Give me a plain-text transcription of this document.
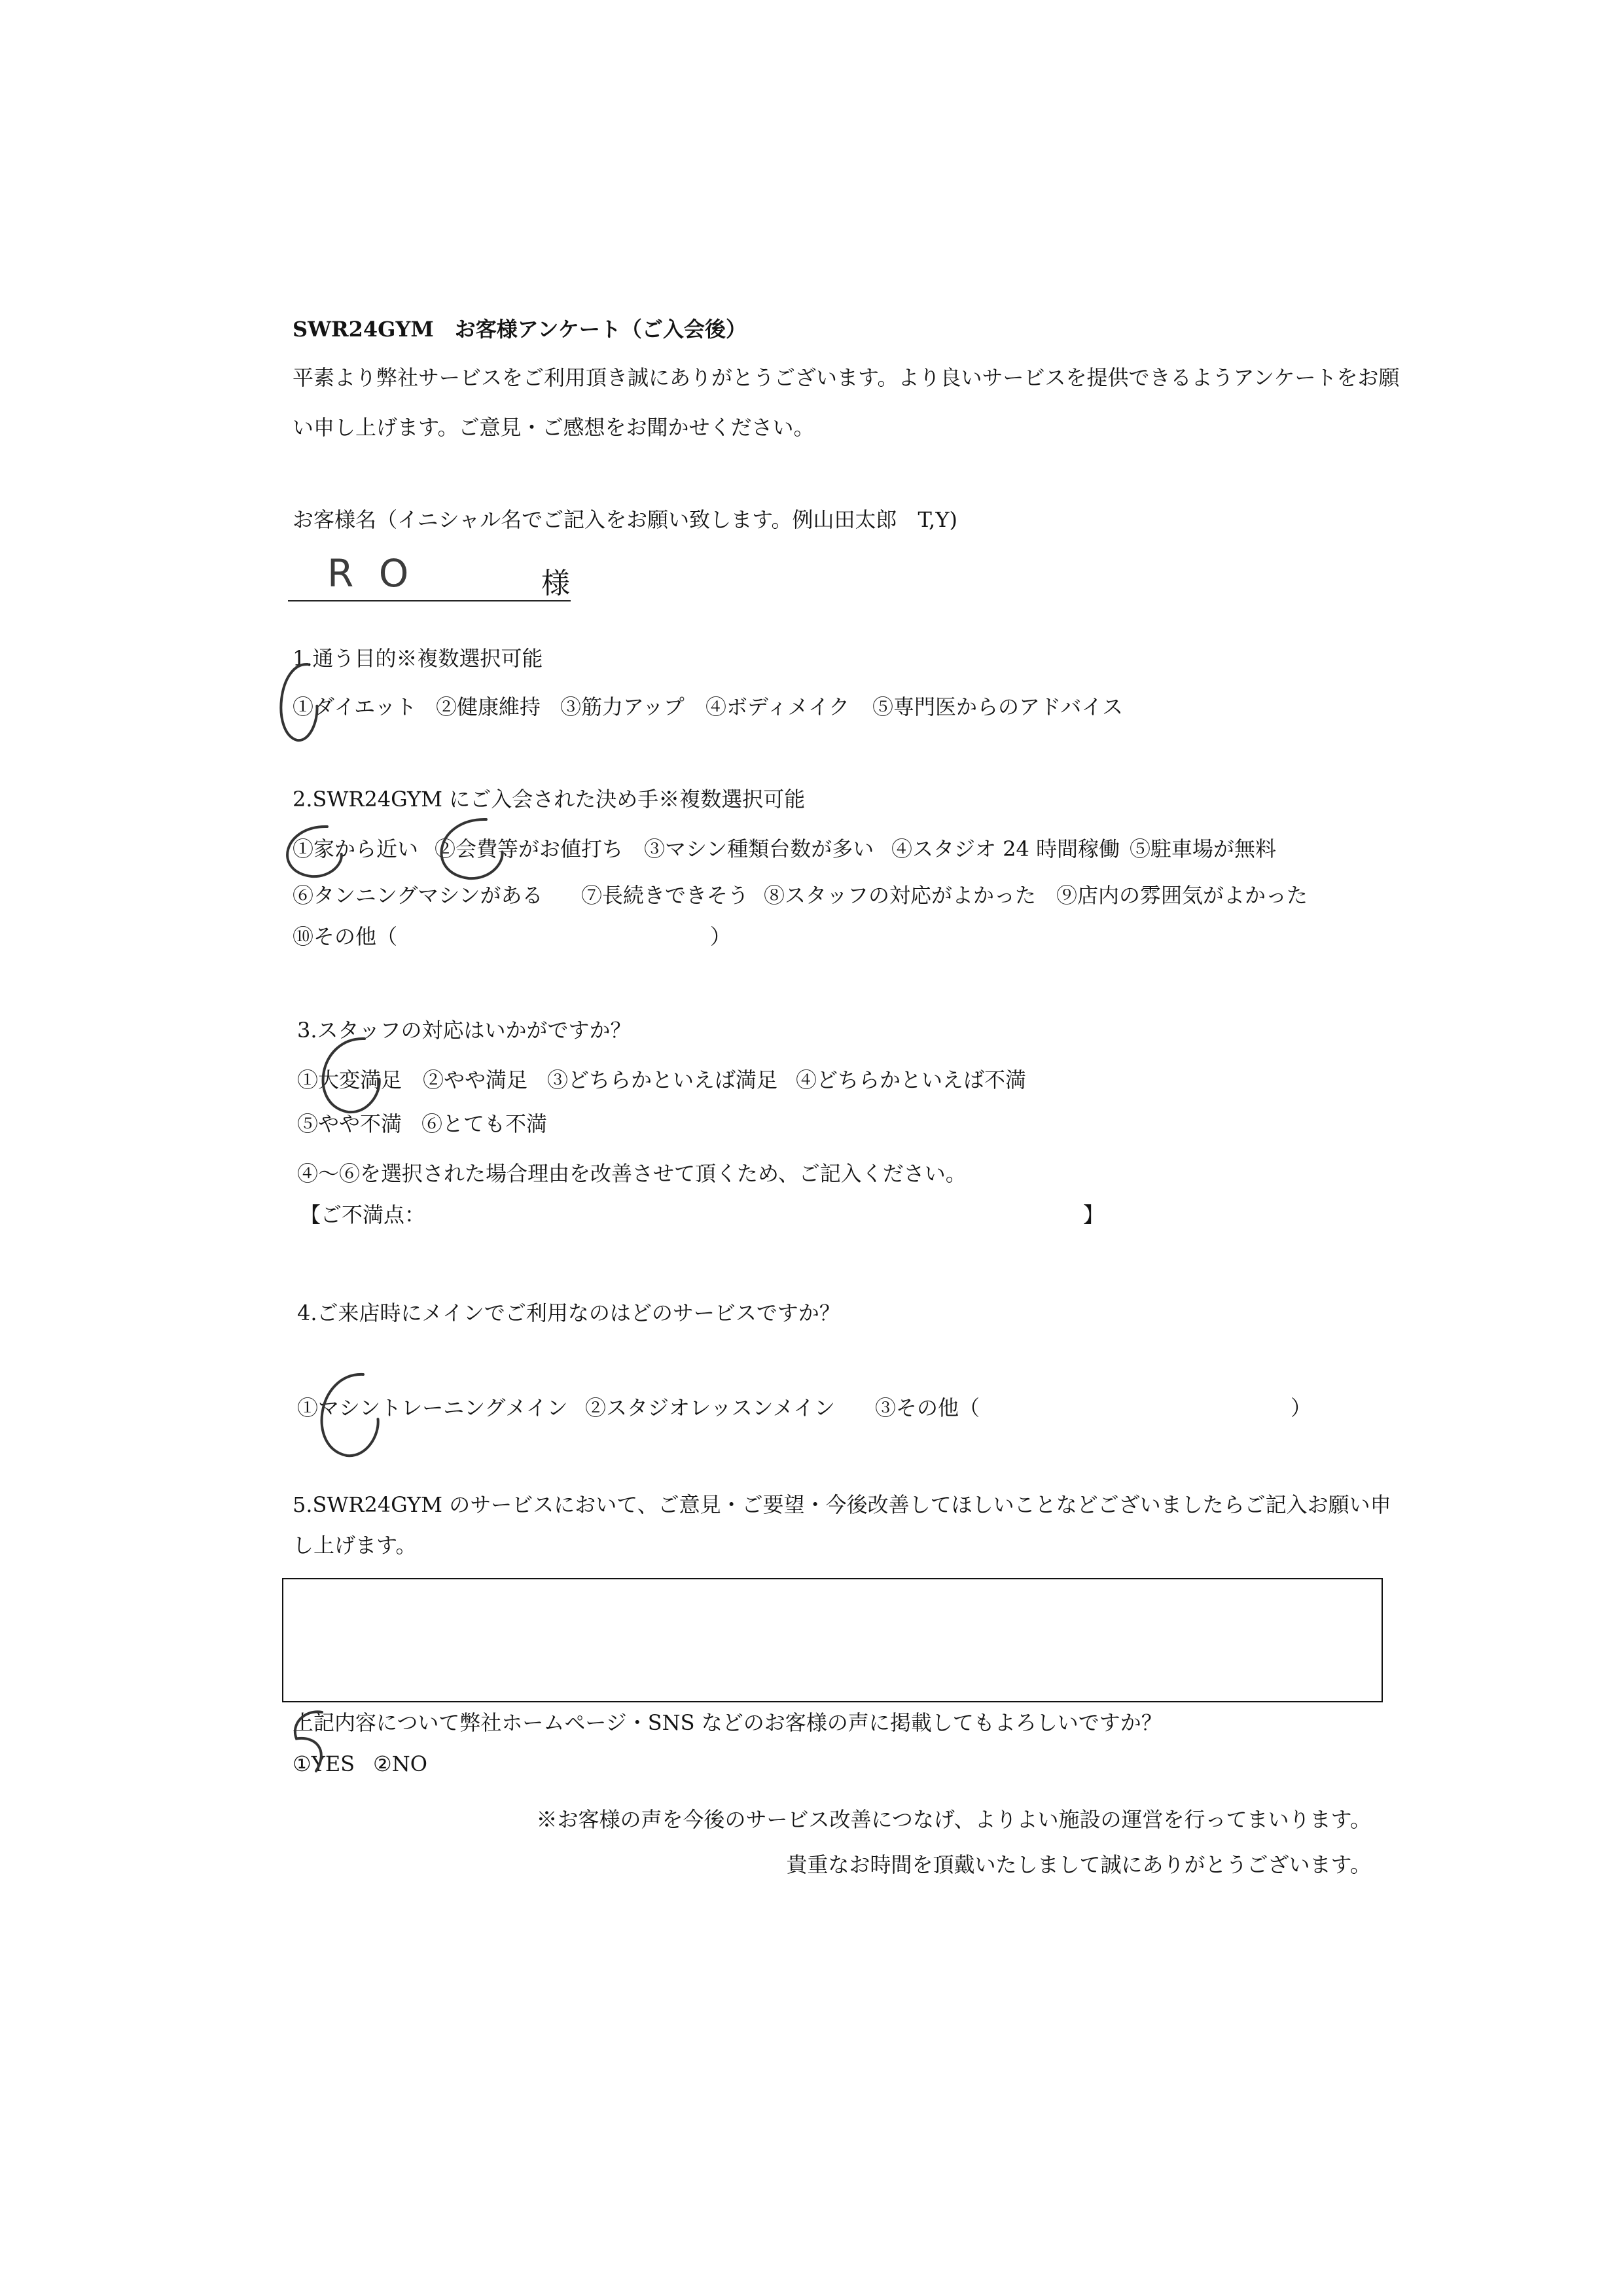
SWR24GYM　お客様アンケート（ご入会後）
平素より弊社サービスをご利用頂き誠にありがとうございます。より良いサービスを提供できるようアンケートをお願
い申し上げます。ご意見・ご感想をお聞かせください。
お客様名（イニシャル名でご記入をお願い致します。例山田太郎　T,Y)
R O	様
1.通う目的※複数選択可能
①ダイエット ②健康維持 ③筋力アップ ④ボディメイク ⑤専門医からのアドバイス
2.SWR24GYM にご入会された決め手※複数選択可能
①家から近い ②会費等がお値打ち ③マシン種類台数が多い ④スタジオ 24 時間稼働 ⑤駐車場が無料
⑥タンニングマシンがある ⑦長続きできそう ⑧スタッフの対応がよかった ⑨店内の雰囲気がよかった
⑩その他（	）
3.スタッフの対応はいかがですか？
①大変満足 ②やや満足 ③どちらかといえば満足 ④どちらかといえば不満
⑤やや不満 ⑥とても不満
④～⑥を選択された場合理由を改善させて頂くため、ご記入ください。
【ご不満点：	】
4.ご来店時にメインでご利用なのはどのサービスですか？
①マシントレーニングメイン ②スタジオレッスンメイン ③その他（	）
5.SWR24GYM のサービスにおいて、ご意見・ご要望・今後改善してほしいことなどございましたらご記入お願い申
し上げます。
上記内容について弊社ホームページ・SNS などのお客様の声に掲載してもよろしいですか？
①YES ②NO
※お客様の声を今後のサービス改善につなげ、よりよい施設の運営を行ってまいります。
貴重なお時間を頂戴いたしまして誠にありがとうございます。
